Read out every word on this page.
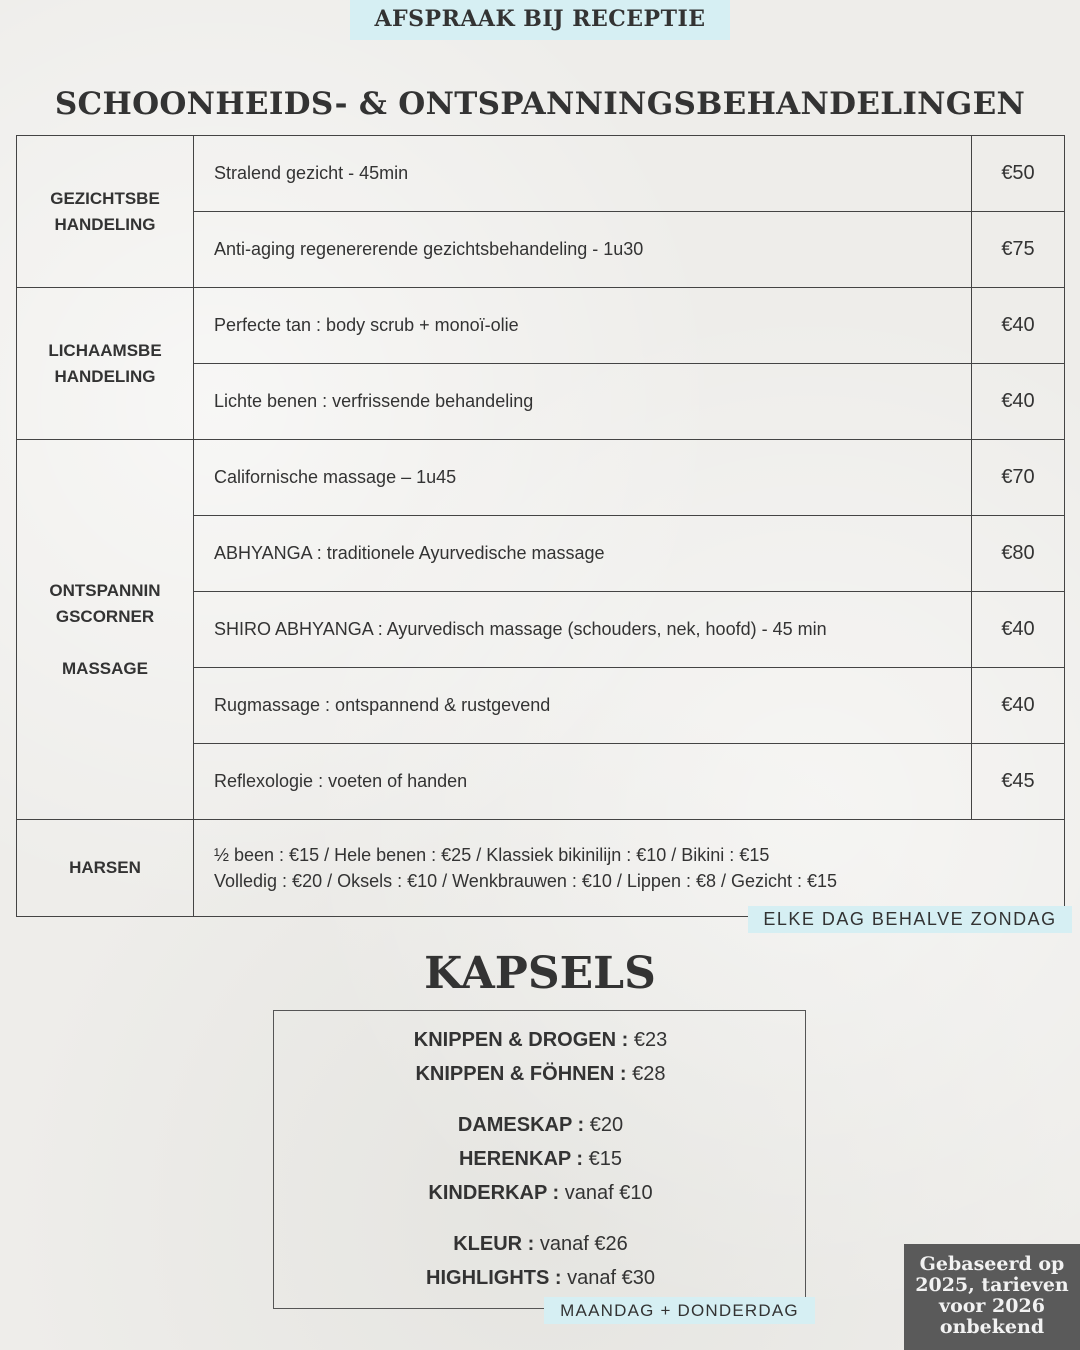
AFSPRAAK BIJ RECEPTIE
SCHOONHEIDS- & ONTSPANNINGSBEHANDELINGEN
GEZICHTSBE
HANDELING	Stralend gezicht - 45min	€50
	Anti-aging regenererende gezichtsbehandeling - 1u30	€75

LICHAAMSBE
HANDELING	Perfecte tan : body scrub + monoï-olie	€40
	Lichte benen : verfrissende behandeling	€40

ONTSPANNIN
GSCORNER
MASSAGE	Californische massage – 1u45	€70
	ABHYANGA : traditionele Ayurvedische massage	€80
	SHIRO ABHYANGA : Ayurvedisch massage (schouders, nek, hoofd) - 45 min	€40
	Rugmassage : ontspannend & rustgevend	€40
	Reflexologie : voeten of handen	€45
HARSEN	½ been : €15 / Hele benen : €25 / Klassiek bikinilijn : €10 / Bikini : €15
Volledig : €20 / Oksels : €10 / Wenkbrauwen : €10 / Lippen : €8 / Gezicht : €15	
ELKE DAG BEHALVE ZONDAG
KAPSELS
KNIPPEN & DROGEN : €23
KNIPPEN & FÖHNEN : €28
DAMESKAP : €20
HERENKAP : €15
KINDERKAP : vanaf €10
KLEUR : vanaf €26
HIGHLIGHTS : vanaf €30
MAANDAG + DONDERDAG
Gebaseerd op
2025, tarieven
voor 2026
onbekend
